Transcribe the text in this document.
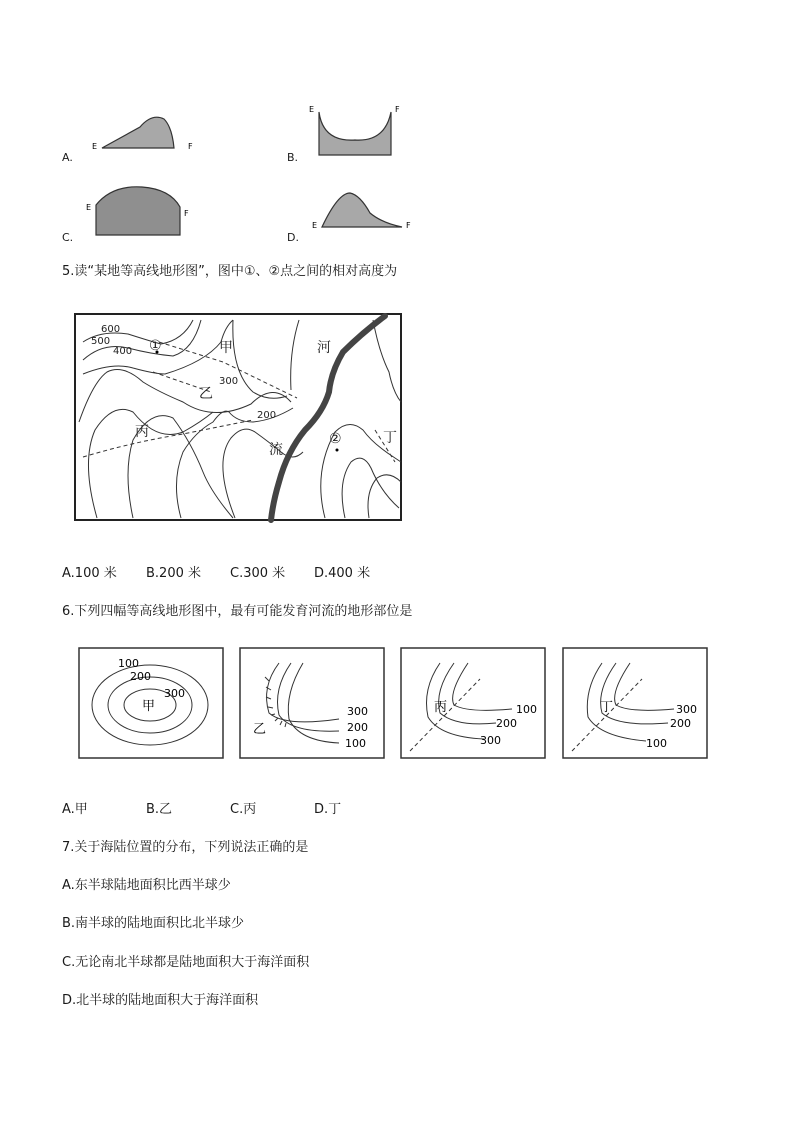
A.
E	F
B.
E	F
C.
E
F
D.
E	F
5.读“某地等高线地形图”，图中①、②点之间的相对高度为
600
500
400
300
200
甲
乙
丙	丁
河
流
①
②
A.100 米 B.200 米 C.300 米 D.400 米
6.下列四幅等高线地形图中，最有可能发育河流的地形部位是
100
200
300
甲	300
200
100
乙
100
200
300
丙	300
200
100
丁
A.甲	B.乙	C.丙	D.丁
7.关于海陆位置的分布，下列说法正确的是
A.东半球陆地面积比西半球少
B.南半球的陆地面积比北半球少
C.无论南北半球都是陆地面积大于海洋面积
D.北半球的陆地面积大于海洋面积
